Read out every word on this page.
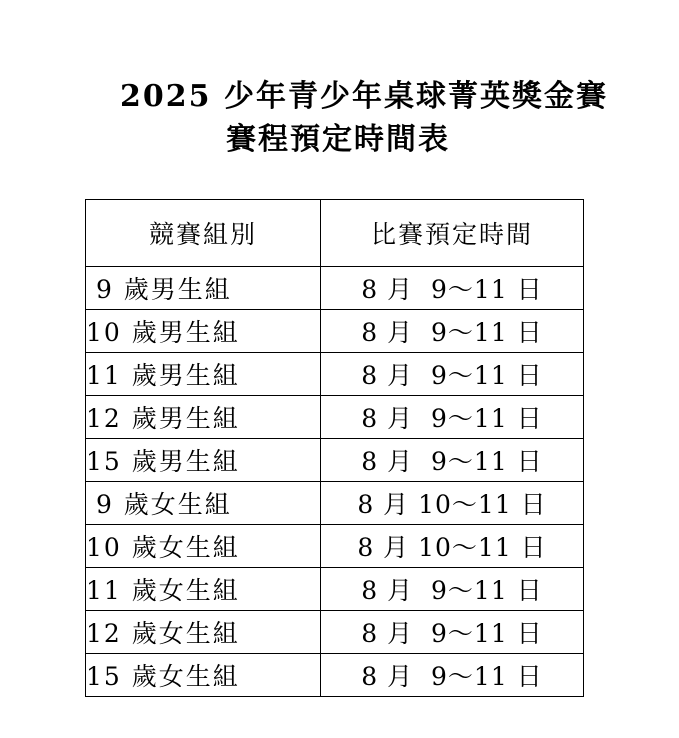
2025 少年青少年桌球菁英獎金賽
賽程預定時間表
競賽組別	比賽預定時間
9 歲男生組	8 月  9～11 日
10 歲男生組	8 月  9～11 日
11 歲男生組	8 月  9～11 日
12 歲男生組	8 月  9～11 日
15 歲男生組	8 月  9～11 日
9 歲女生組	8 月 10～11 日
10 歲女生組	8 月 10～11 日
11 歲女生組	8 月  9～11 日
12 歲女生組	8 月  9～11 日
15 歲女生組	8 月  9～11 日
